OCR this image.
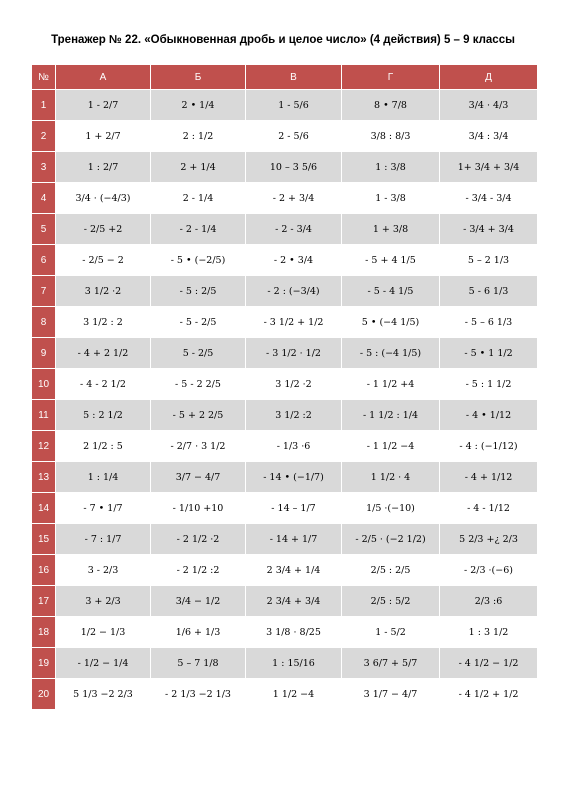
Тренажер № 22. «Обыкновенная дробь и целое число» (4 действия) 5 – 9 классы
№	А	Б	В	Г	Д
1	1 - 2/7	2 • 1/4	1 - 5/6	8 • 7/8	3/4 · 4/3
2	1 + 2/7	2 : 1/2	2 - 5/6	3/8 : 8/3	3/4 : 3/4
3	1 : 2/7	2 + 1/4	10 – 3 5/6	1 : 3/8	1+ 3/4 + 3/4
4	3/4 · (−4/3)	2 - 1/4	- 2 + 3/4	1 - 3/8	- 3/4 - 3/4
5	- 2/5 +2	- 2 - 1/4	- 2 - 3/4	1 + 3/8	- 3/4 + 3/4
6	- 2/5 − 2	- 5 • (−2/5)	- 2 • 3/4	- 5 + 4 1/5	5 – 2 1/3
7	3 1/2 ·2	- 5 : 2/5	- 2 : (−3/4)	- 5 - 4 1/5	5 - 6 1/3
8	3 1/2 : 2	- 5 - 2/5	- 3 1/2 + 1/2	5 • (−4 1/5)	- 5 – 6 1/3
9	- 4 + 2 1/2	5 - 2/5	- 3 1/2 · 1/2	- 5 : (−4 1/5)	- 5 • 1 1/2
10	- 4 - 2 1/2	- 5 - 2 2/5	3 1/2 ·2	- 1 1/2 +4	- 5 : 1 1/2
11	5 : 2 1/2	- 5 + 2 2/5	3 1/2 :2	- 1 1/2 : 1/4	- 4 • 1/12
12	2 1/2 : 5	- 2/7 · 3 1/2	- 1/3 ·6	- 1 1/2 −4	- 4 : (−1/12)
13	1 : 1/4	3/7 − 4/7	- 14 • (−1/7)	1 1/2 · 4	- 4 + 1/12
14	- 7 • 1/7	- 1/10 +10	- 14 – 1/7	1/5 ·(−10)	- 4 - 1/12
15	- 7 : 1/7	- 2 1/2 ·2	- 14 + 1/7	- 2/5 · (−2 1/2)	5 2/3 +¿ 2/3
16	3 - 2/3	- 2 1/2 :2	2 3/4 + 1/4	2/5 : 2/5	- 2/3 ·(−6)
17	3 + 2/3	3/4 − 1/2	2 3/4 + 3/4	2/5 : 5/2	2/3 :6
18	1/2 − 1/3	1/6 + 1/3	3 1/8 · 8/25	1 - 5/2	1 : 3 1/2
19	- 1/2 − 1/4	5 – 7 1/8	1 : 15/16	3 6/7 + 5/7	- 4 1/2 − 1/2
20	5 1/3 −2 2/3	- 2 1/3 −2 1/3	1 1/2 −4	3 1/7 − 4/7	- 4 1/2 + 1/2
